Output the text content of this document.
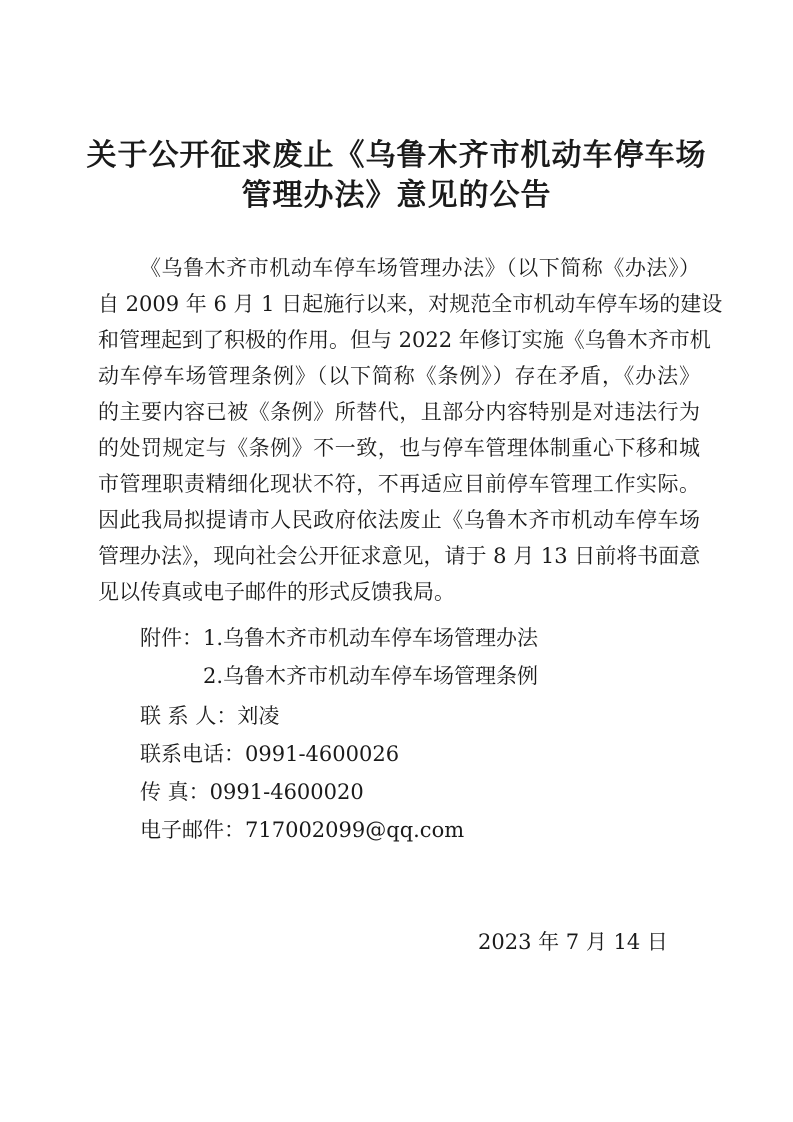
关于公开征求废止《乌鲁木齐市机动车停车场
管理办法》意见的公告
《乌鲁木齐市机动车停车场管理办法》（以下简称《办法》）
自 2009 年 6 月 1 日起施行以来，对规范全市机动车停车场的建设
和管理起到了积极的作用。但与 2022 年修订实施《乌鲁木齐市机
动车停车场管理条例》（以下简称《条例》）存在矛盾，《办法》
的主要内容已被《条例》所替代，且部分内容特别是对违法行为
的处罚规定与《条例》不一致，也与停车管理体制重心下移和城
市管理职责精细化现状不符，不再适应目前停车管理工作实际。
因此我局拟提请市人民政府依法废止《乌鲁木齐市机动车停车场
管理办法》，现向社会公开征求意见，请于 8 月 13 日前将书面意
见以传真或电子邮件的形式反馈我局。
附件： 1.乌鲁木齐市机动车停车场管理办法
2.乌鲁木齐市机动车停车场管理条例
联 系 人：刘凌
联系电话：0991-4600026
传 真：0991-4600020
电子邮件：717002099@qq.com
2023 年 7 月 14 日
